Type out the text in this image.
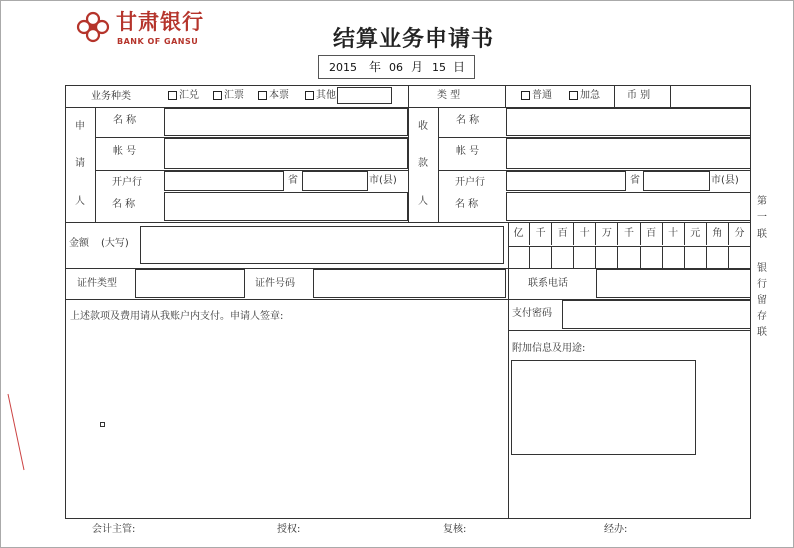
甘肃银行
BANK OF GANSU	结算业务申请书
2015 年 06 月 15 日
业务种类	汇兑	汇票	本票	其他	类 型	普通	加急	币 别
申
请
人
名 称
帐 号
开户行
名 称
省	市(县)
收
款
人
名 称
帐 号
开户行
名 称
省	市(县)
金额 (大写)
亿	千	百	十	万	千	百	十	元	角	分
证件类型	证件号码	联系电话
上述款项及费用请从我账户内支付。申请人签章:	支付密码
附加信息及用途:
第
一
联
银
行
留
存
联
会计主管:	授权:	复核:	经办:
